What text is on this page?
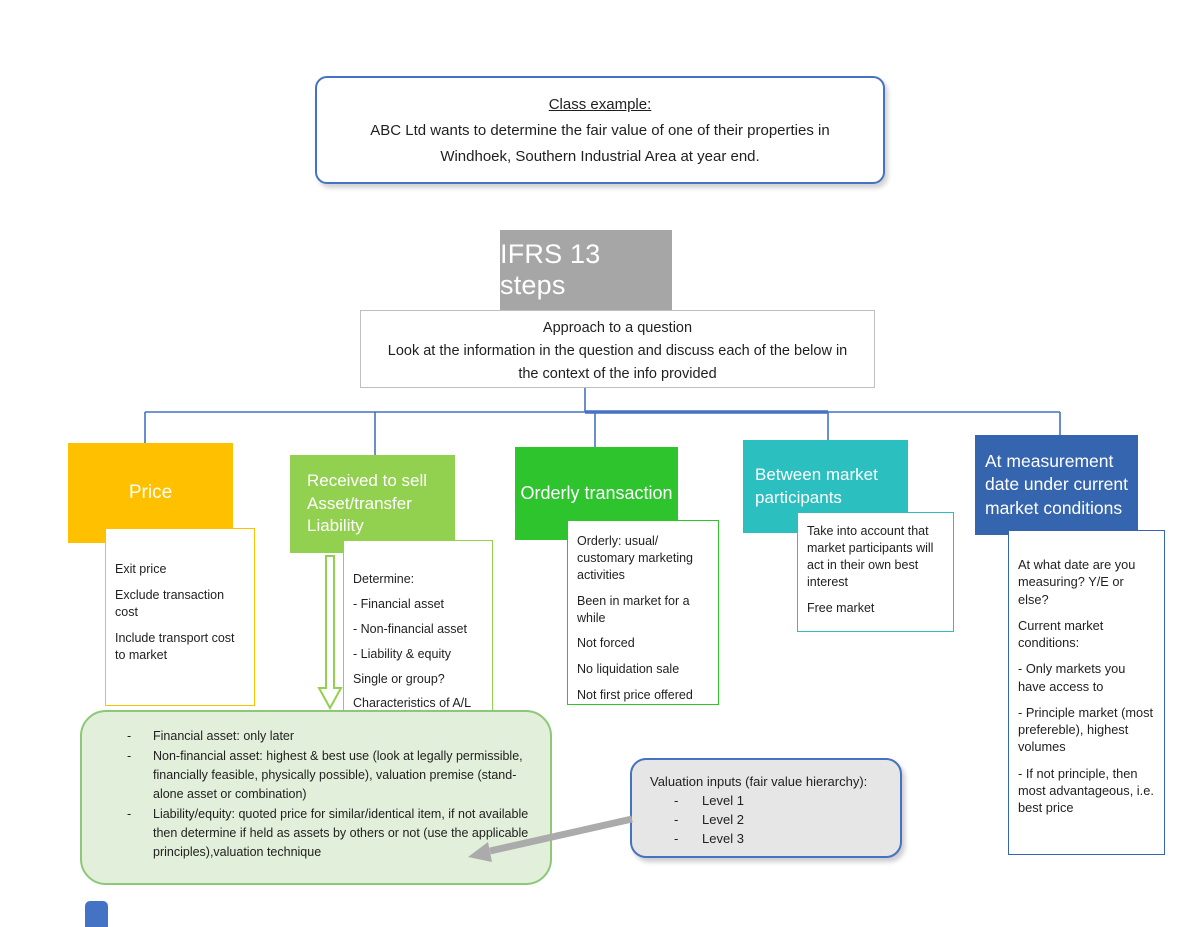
Class example:
ABC Ltd wants to determine the fair value of one of their properties in
Windhoek, Southern Industrial Area at year end.
IFRS 13 steps
Approach to a question
Look at the information in the question and discuss each of the below in
the context of the info provided
Price
Received to sell Asset/transfer Liability
Orderly transaction
Between market participants
At measurement date under current market conditions

Exit price

Exclude transaction cost

Include transport cost to market

Determine:

- Financial asset

- Non-financial asset

- Liability & equity

Single or group?

Characteristics of A/L

Orderly: usual/ customary marketing activities

Been in market for a while

Not forced

No liquidation sale

Not first price offered

Take into account that market participants will act in their own best interest

Free market

At what date are you measuring? Y/E or else?

Current market conditions:

- Only markets you have access to

- Principle market (most prefereble), highest volumes

- If not principle, then most advantageous, i.e. best price

-	Financial asset: only later
-	Non-financial asset: highest & best use (look at legally permissible, financially feasible, physically possible), valuation premise (stand-alone asset or combination)
-	Liability/equity: quoted price for similar/identical item, if not available then determine if held as assets by others or not (use the applicable principles),valuation technique
Valuation inputs (fair value hierarchy):
-	Level 1
-	Level 2
-	Level 3
